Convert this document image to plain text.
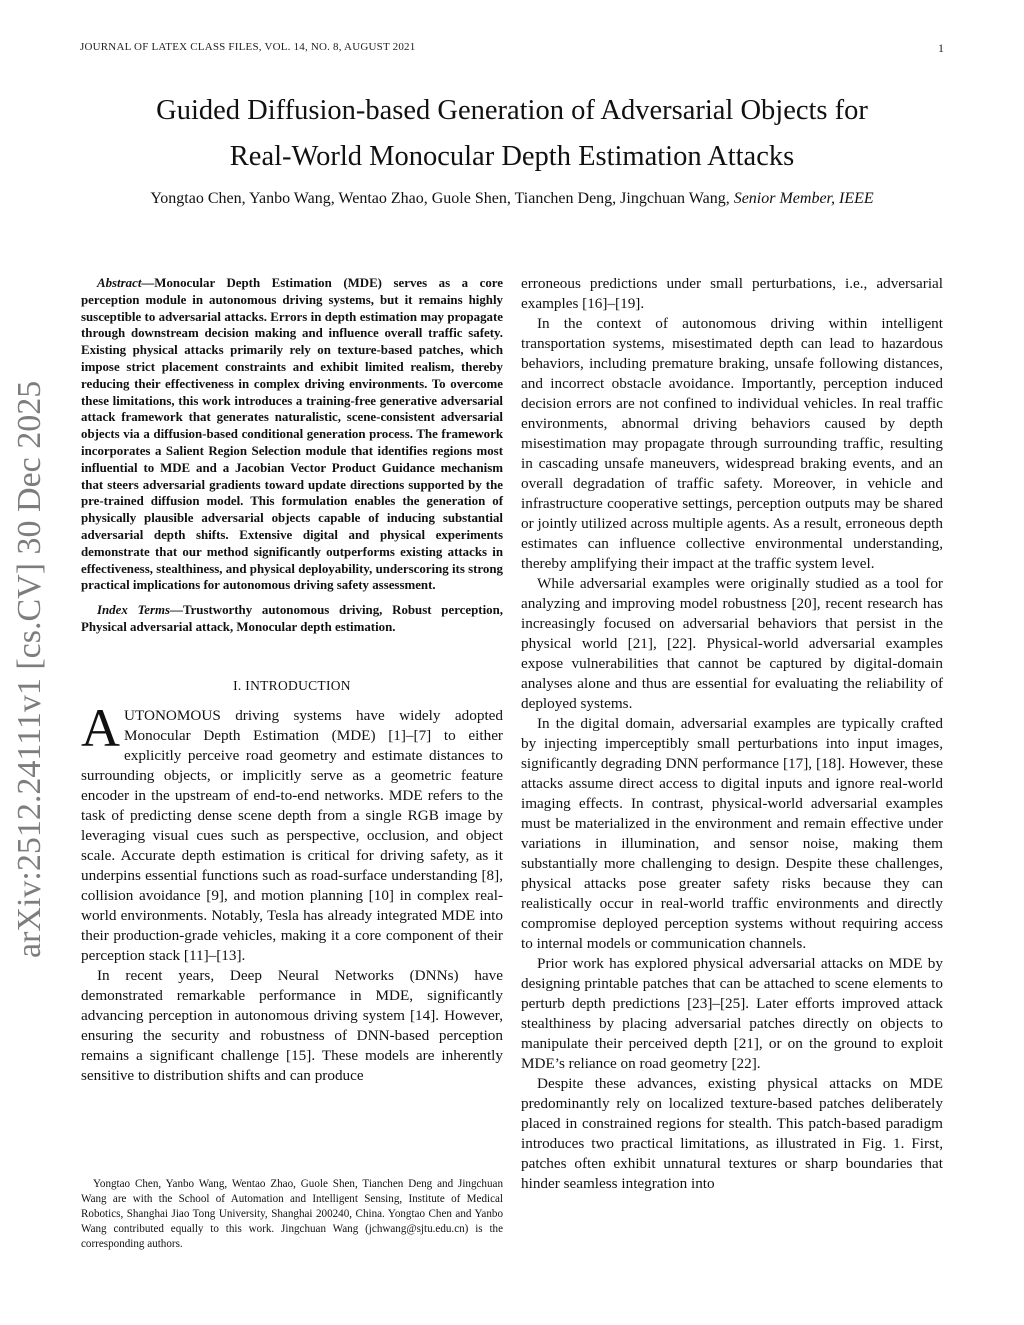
JOURNAL OF LATEX CLASS FILES, VOL. 14, NO. 8, AUGUST 2021	1
Guided Diffusion-based Generation of Adversarial Objects for
Real-World Monocular Depth Estimation Attacks
Yongtao Chen, Yanbo Wang, Wentao Zhao, Guole Shen, Tianchen Deng, Jingchuan Wang, Senior Member, IEEE
arXiv:2512.24111v1 [cs.CV] 30 Dec 2025

Abstract—Monocular Depth Estimation (MDE) serves as a core perception module in autonomous driving systems, but it remains highly susceptible to adversarial attacks. Errors in depth estimation may propagate through downstream decision making and influence overall traffic safety. Existing physical attacks primarily rely on texture-based patches, which impose strict placement constraints and exhibit limited realism, thereby reducing their effectiveness in complex driving environments. To overcome these limitations, this work introduces a training-free generative adversarial attack framework that generates naturalistic, scene-consistent adversarial objects via a diffusion-based conditional generation process. The framework incorporates a Salient Region Selection module that identifies regions most influential to MDE and a Jacobian Vector Product Guidance mechanism that steers adversarial gradients toward update directions supported by the pre-trained diffusion model. This formulation enables the generation of physically plausible adversarial objects capable of inducing substantial adversarial depth shifts. Extensive digital and physical experiments demonstrate that our method significantly outperforms existing attacks in effectiveness, stealthiness, and physical deployability, underscoring its strong practical implications for autonomous driving safety assessment.

Index Terms—Trustworthy autonomous driving, Robust perception, Physical adversarial attack, Monocular depth estimation.

I. INTRODUCTION

AUTONOMOUS driving systems have widely adopted Monocular Depth Estimation (MDE) [1]–[7] to either explicitly perceive road geometry and estimate distances to surrounding objects, or implicitly serve as a geometric feature encoder in the upstream of end-to-end networks. MDE refers to the task of predicting dense scene depth from a single RGB image by leveraging visual cues such as perspective, occlusion, and object scale. Accurate depth estimation is critical for driving safety, as it underpins essential functions such as road-surface understanding [8], collision avoidance [9], and motion planning [10] in complex real-world environments. Notably, Tesla has already integrated MDE into their production-grade vehicles, making it a core component of their perception stack [11]–[13].

In recent years, Deep Neural Networks (DNNs) have demonstrated remarkable performance in MDE, significantly advancing perception in autonomous driving system [14]. However, ensuring the security and robustness of DNN-based perception remains a significant challenge [15]. These models are inherently sensitive to distribution shifts and can produce

Yongtao Chen, Yanbo Wang, Wentao Zhao, Guole Shen, Tianchen Deng and Jingchuan Wang are with the School of Automation and Intelligent Sensing, Institute of Medical Robotics, Shanghai Jiao Tong University, Shanghai 200240, China. Yongtao Chen and Yanbo Wang contributed equally to this work. Jingchuan Wang (jchwang@sjtu.edu.cn) is the corresponding authors.

erroneous predictions under small perturbations, i.e., adversarial examples [16]–[19].

In the context of autonomous driving within intelligent transportation systems, misestimated depth can lead to hazardous behaviors, including premature braking, unsafe following distances, and incorrect obstacle avoidance. Importantly, perception induced decision errors are not confined to individual vehicles. In real traffic environments, abnormal driving behaviors caused by depth misestimation may propagate through surrounding traffic, resulting in cascading unsafe maneuvers, widespread braking events, and an overall degradation of traffic safety. Moreover, in vehicle and infrastructure cooperative settings, perception outputs may be shared or jointly utilized across multiple agents. As a result, erroneous depth estimates can influence collective environmental understanding, thereby amplifying their impact at the traffic system level.

While adversarial examples were originally studied as a tool for analyzing and improving model robustness [20], recent research has increasingly focused on adversarial behaviors that persist in the physical world [21], [22]. Physical-world adversarial examples expose vulnerabilities that cannot be captured by digital-domain analyses alone and thus are essential for evaluating the reliability of deployed systems.

In the digital domain, adversarial examples are typically crafted by injecting imperceptibly small perturbations into input images, significantly degrading DNN performance [17], [18]. However, these attacks assume direct access to digital inputs and ignore real-world imaging effects. In contrast, physical-world adversarial examples must be materialized in the environment and remain effective under variations in illumination, and sensor noise, making them substantially more challenging to design. Despite these challenges, physical attacks pose greater safety risks because they can realistically occur in real-world traffic environments and directly compromise deployed perception systems without requiring access to internal models or communication channels.

Prior work has explored physical adversarial attacks on MDE by designing printable patches that can be attached to scene elements to perturb depth predictions [23]–[25]. Later efforts improved attack stealthiness by placing adversarial patches directly on objects to manipulate their perceived depth [21], or on the ground to exploit MDE’s reliance on road geometry [22].

Despite these advances, existing physical attacks on MDE predominantly rely on localized texture-based patches deliberately placed in constrained regions for stealth. This patch-based paradigm introduces two practical limitations, as illustrated in Fig. 1. First, patches often exhibit unnatural textures or sharp boundaries that hinder seamless integration into
